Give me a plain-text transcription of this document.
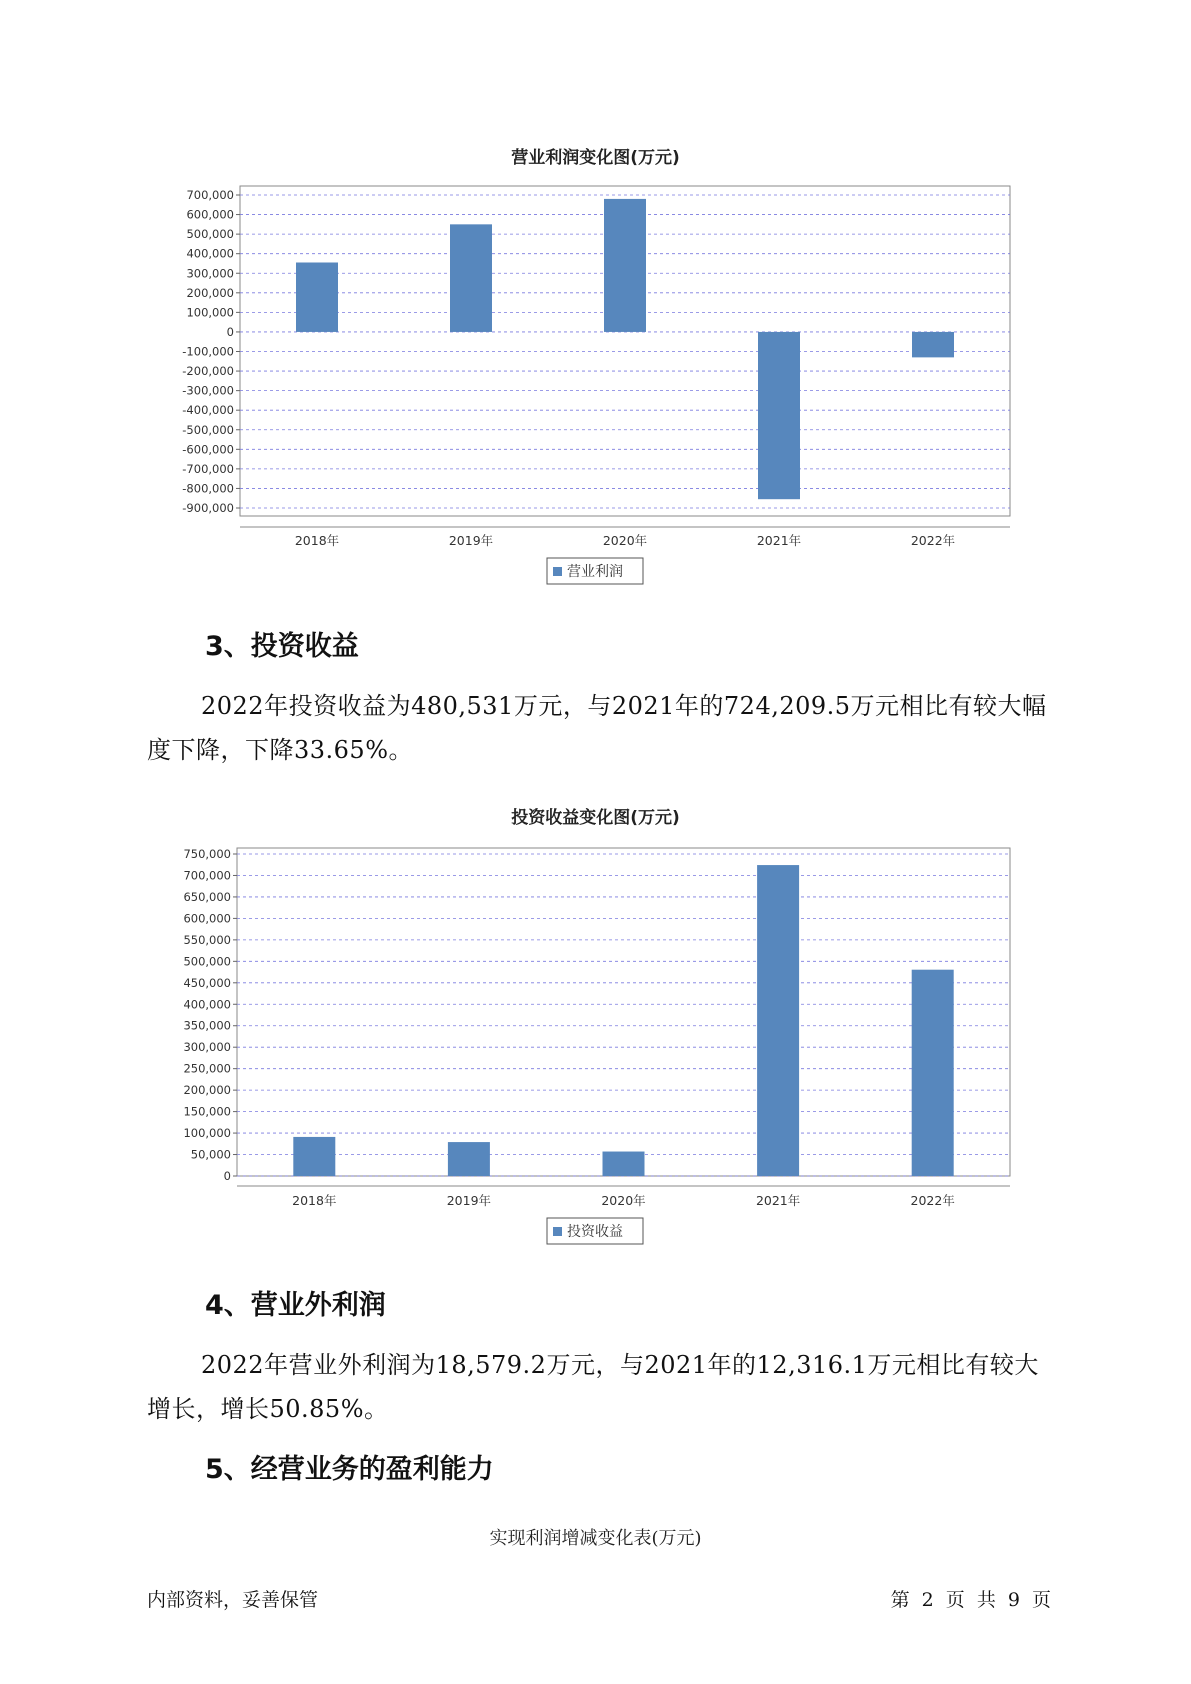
营业利润变化图(万元)
700,000
600,000
500,000
400,000
300,000
200,000
100,000
0
-100,000
-200,000
-300,000
-400,000
-500,000
-600,000
-700,000
-800,000
-900,000
2018年	2019年	2020年	2021年	2022年
营业利润
3、投资收益
2022年投资收益为480,531万元，与2021年的724,209.5万元相比有较大幅度下降，下降33.65%。
投资收益变化图(万元)
750,000
700,000
650,000
600,000
550,000
500,000
450,000
400,000
350,000
300,000
250,000
200,000
150,000
100,000
50,000
0
2018年	2019年	2020年	2021年	2022年
投资收益
4、营业外利润
2022年营业外利润为18,579.2万元，与2021年的12,316.1万元相比有较大增长，增长50.85%。
5、经营业务的盈利能力
实现利润增减变化表(万元)
内部资料，妥善保管	第 2 页 共 9 页
